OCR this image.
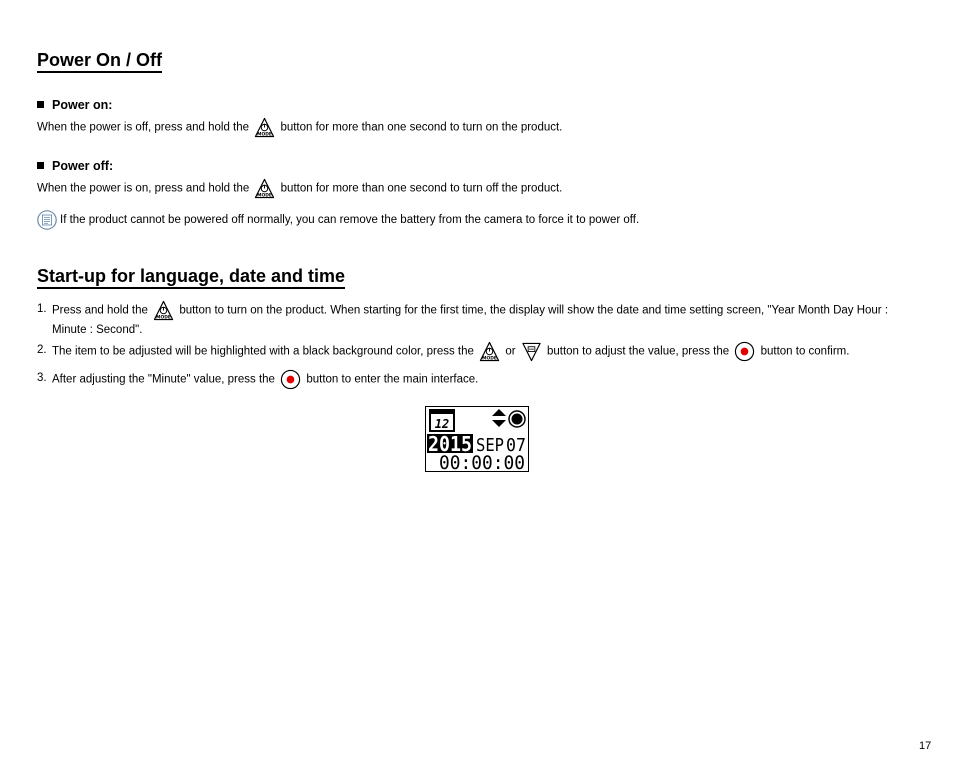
Power On / Off
Power on:
When the power is off, press and hold the	button for more than one second to turn on the product.
Power off:
When the power is on, press and hold the	button for more than one second to turn off the product.
If the product cannot be powered off normally, you can remove the battery from the camera to force it to power off.
Start-up for language, date and time
1. Press and hold the	button to turn on the product. When starting for the first time, the display will show the date and time setting screen, "Year Month Day Hour : Minute : Second".
2. The item to be adjusted will be highlighted with a black background color, press the	or	button to adjust the value, press the	button to confirm.
3. After adjusting the "Minute" value, press the	button to enter the main interface.
12
2015 SEP 07
00:00:00
17
